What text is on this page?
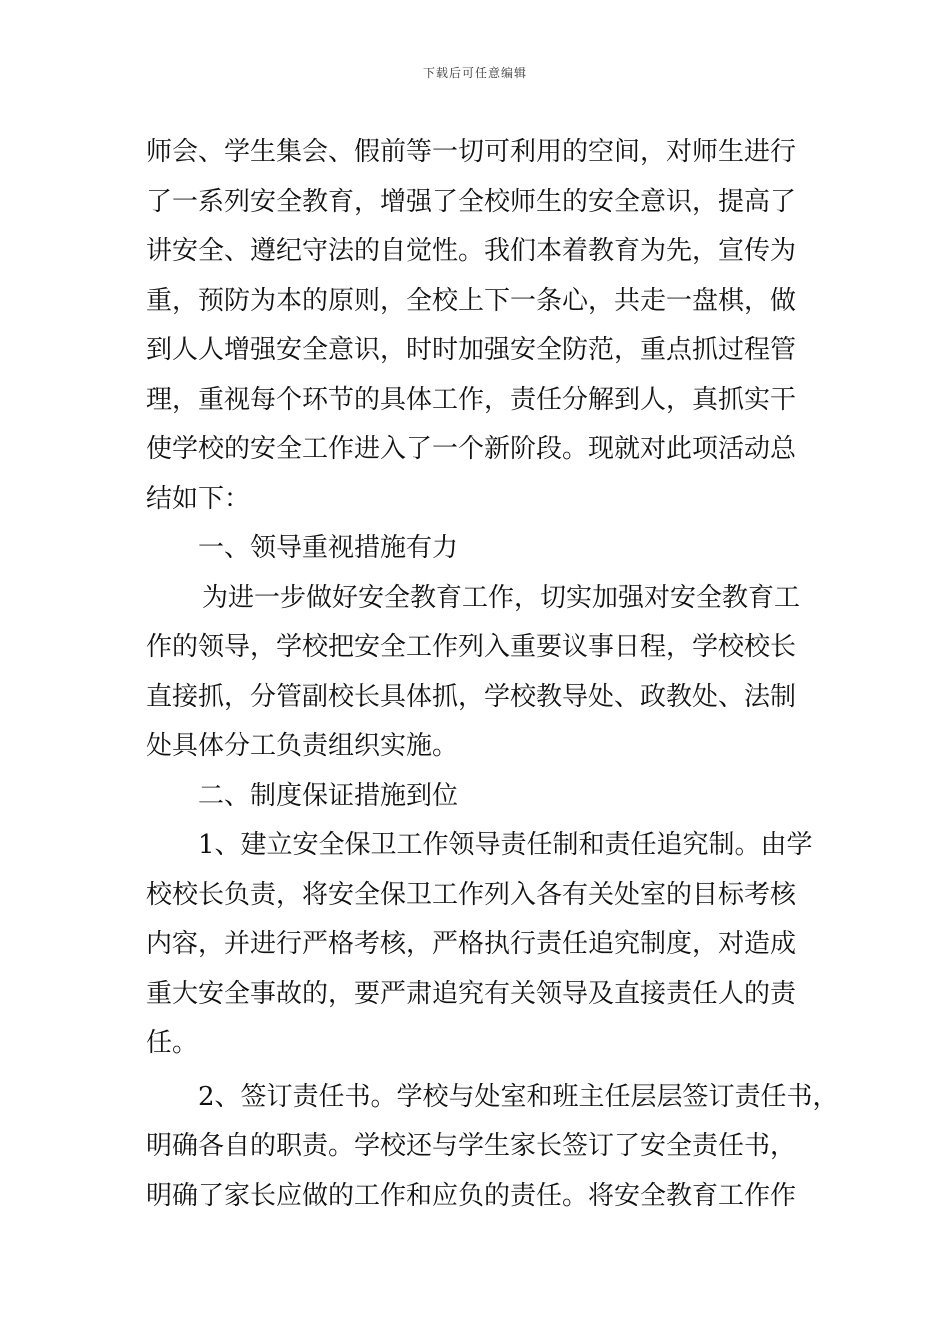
下载后可任意编辑
师会、学生集会、假前等一切可利用的空间，对师生进行
了一系列安全教育，增强了全校师生的安全意识，提高了
讲安全、遵纪守法的自觉性。我们本着教育为先，宣传为
重，预防为本的原则，全校上下一条心，共走一盘棋，做
到人人增强安全意识，时时加强安全防范，重点抓过程管
理，重视每个环节的具体工作，责任分解到人，真抓实干
使学校的安全工作进入了一个新阶段。现就对此项活动总
结如下：
一、领导重视措施有力
为进一步做好安全教育工作，切实加强对安全教育工
作的领导，学校把安全工作列入重要议事日程，学校校长
直接抓，分管副校长具体抓，学校教导处、政教处、法制
处具体分工负责组织实施。
二、制度保证措施到位
1、建立安全保卫工作领导责任制和责任追究制。由学
校校长负责，将安全保卫工作列入各有关处室的目标考核
内容，并进行严格考核，严格执行责任追究制度，对造成
重大安全事故的，要严肃追究有关领导及直接责任人的责
任。
2、签订责任书。学校与处室和班主任层层签订责任书，
明确各自的职责。学校还与学生家长签订了安全责任书，
明确了家长应做的工作和应负的责任。将安全教育工作作
